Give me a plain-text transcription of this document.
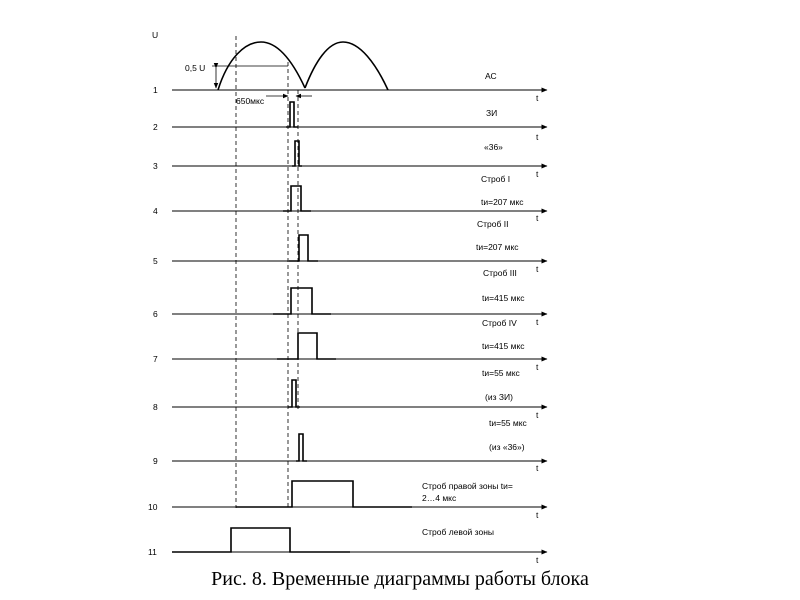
U
0,5 U
650мкс	t
t
t
t
t
t
t
t
t
t
t
1
2
3
4
5
6
7
8
9
10
11
АС
ЗИ
«36»
Строб I
tи=207 мкс
Строб II
tи=207 мкс
Строб III
tи=415 мкс
Строб IV
tи=415 мкс
tи=55 мкс
(из ЗИ)
tи=55 мкс
(из «36»)
Строб правой зоны tи=
2…4 мкс
Строб левой зоны
Рис. 8. Временные диаграммы работы блока
